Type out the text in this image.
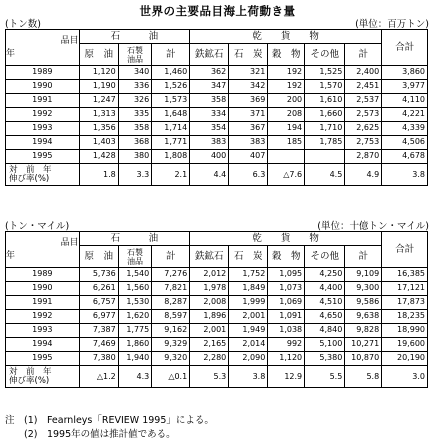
世界の主要品目海上荷動き量
(トン数)	(単位：百万トン)
品目
年	石　　　油			乾　　貨　　物					合計
	原　油	石製
油品	計	鉄鉱石	石　炭	穀　物	その他	計	
1989	1,120	340	1,460	362	321	192	1,525	2,400	3,860
1990	1,190	336	1,526	347	342	192	1,570	2,451	3,977
1991	1,247	326	1,573	358	369	200	1,610	2,537	4,110
1992	1,313	335	1,648	334	371	208	1,660	2,573	4,221
1993	1,356	358	1,714	354	367	194	1,710	2,625	4,339
1994	1,403	368	1,771	383	383	185	1,785	2,753	4,506
1995	1,428	380	1,808	400	407			2,870	4,678

対　前　年
伸び率(%)	1.8	3.3	2.1	4.4	6.3	△7.6	4.5	4.9	3.8
(トン・マイル)	(単位：十億トン・マイル)
品目
年	石　　　油			乾　　貨　　物					合計
	原　油	石製
油品	計	鉄鉱石	石　炭	穀　物	その他	計	
1989	5,736	1,540	7,276	2,012	1,752	1,095	4,250	9,109	16,385
1990	6,261	1,560	7,821	1,978	1,849	1,073	4,400	9,300	17,121
1991	6,757	1,530	8,287	2,008	1,999	1,069	4,510	9,586	17,873
1992	6,977	1,620	8,597	1,896	2,001	1,091	4,650	9,638	18,235
1993	7,387	1,775	9,162	2,001	1,949	1,038	4,840	9,828	18,990
1994	7,469	1,860	9,329	2,165	2,014	992	5,100	10,271	19,600
1995	7,380	1,940	9,320	2,280	2,090	1,120	5,380	10,870	20,190

対　前　年
伸び率(%)	△1.2	4.3	△0.1	5.3	3.8	12.9	5.5	5.8	3.0
注　(1)　Fearnleys「REVIEW 1995」による。
(2)　1995年の値は推計値である。
